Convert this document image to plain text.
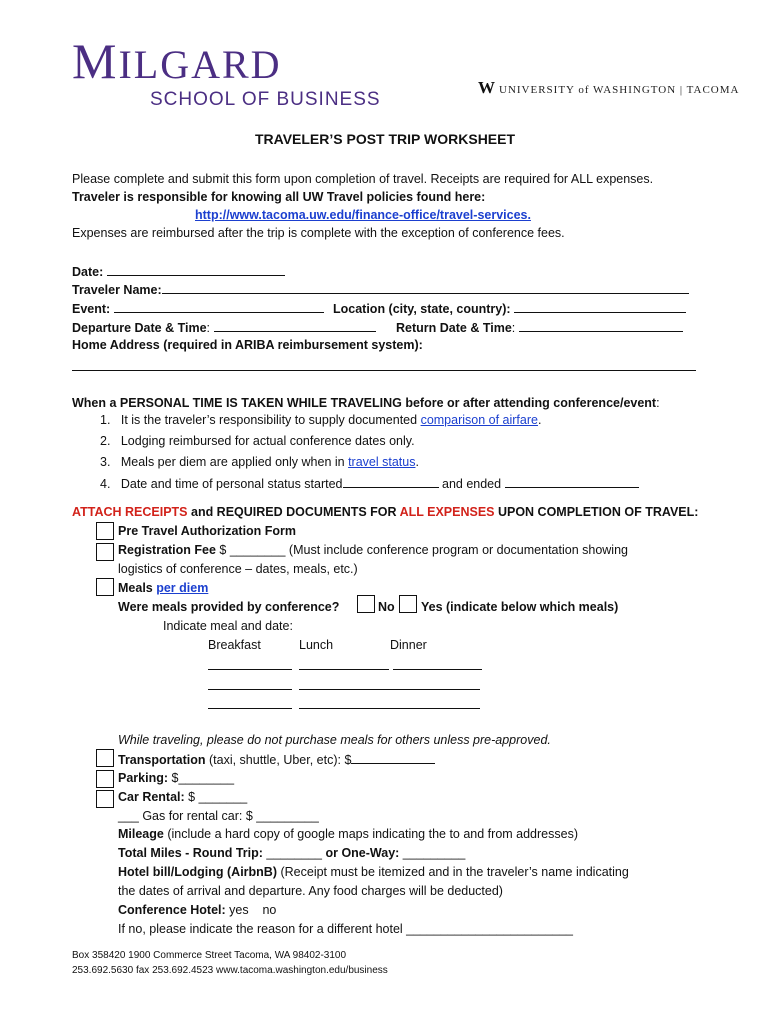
MILGARD
SCHOOL OF BUSINESS
WUNIVERSITY of WASHINGTON | TACOMA
TRAVELER’S POST TRIP WORKSHEET
Please complete and submit this form upon completion of travel. Receipts are required for ALL expenses.
Traveler is responsible for knowing all UW Travel policies found here:
http://www.tacoma.uw.edu/finance-office/travel-services.
Expenses are reimbursed after the trip is complete with the exception of conference fees.
Date:
Traveler Name:
Event:	Location (city, state, country):
Departure Date & Time:	Return Date & Time:
Home Address (required in ARIBA reimbursement system):
When a PERSONAL TIME IS TAKEN WHILE TRAVELING before or after attending conference/event:
1. It is the traveler’s responsibility to supply documented comparison of airfare.
2. Lodging reimbursed for actual conference dates only.
3. Meals per diem are applied only when in travel status.
4. Date and time of personal status started	and ended
ATTACH RECEIPTS and REQUIRED DOCUMENTS FOR ALL EXPENSES UPON COMPLETION OF TRAVEL:
Pre Travel Authorization Form
Registration Fee $ ________ (Must include conference program or documentation showing
logistics of conference – dates, meals, etc.)
Meals per diem
Were meals provided by conference?	No Yes (indicate below which meals)
Indicate meal and date:
Breakfast	Lunch	Dinner
While traveling, please do not purchase meals for others unless pre-approved.
Transportation (taxi, shuttle, Uber, etc): $
Parking: $________
Car Rental: $ _______
___ Gas for rental car: $ _________
Mileage (include a hard copy of google maps indicating the to and from addresses)
Total Miles - Round Trip: ________ or One-Way: _________
Hotel bill/Lodging (AirbnB) (Receipt must be itemized and in the traveler’s name indicating
the dates of arrival and departure. Any food charges will be deducted)
Conference Hotel: yes    no
If no, please indicate the reason for a different hotel ________________________
Box 358420 1900 Commerce Street Tacoma, WA 98402-3100
253.692.5630 fax 253.692.4523 www.tacoma.washington.edu/business
